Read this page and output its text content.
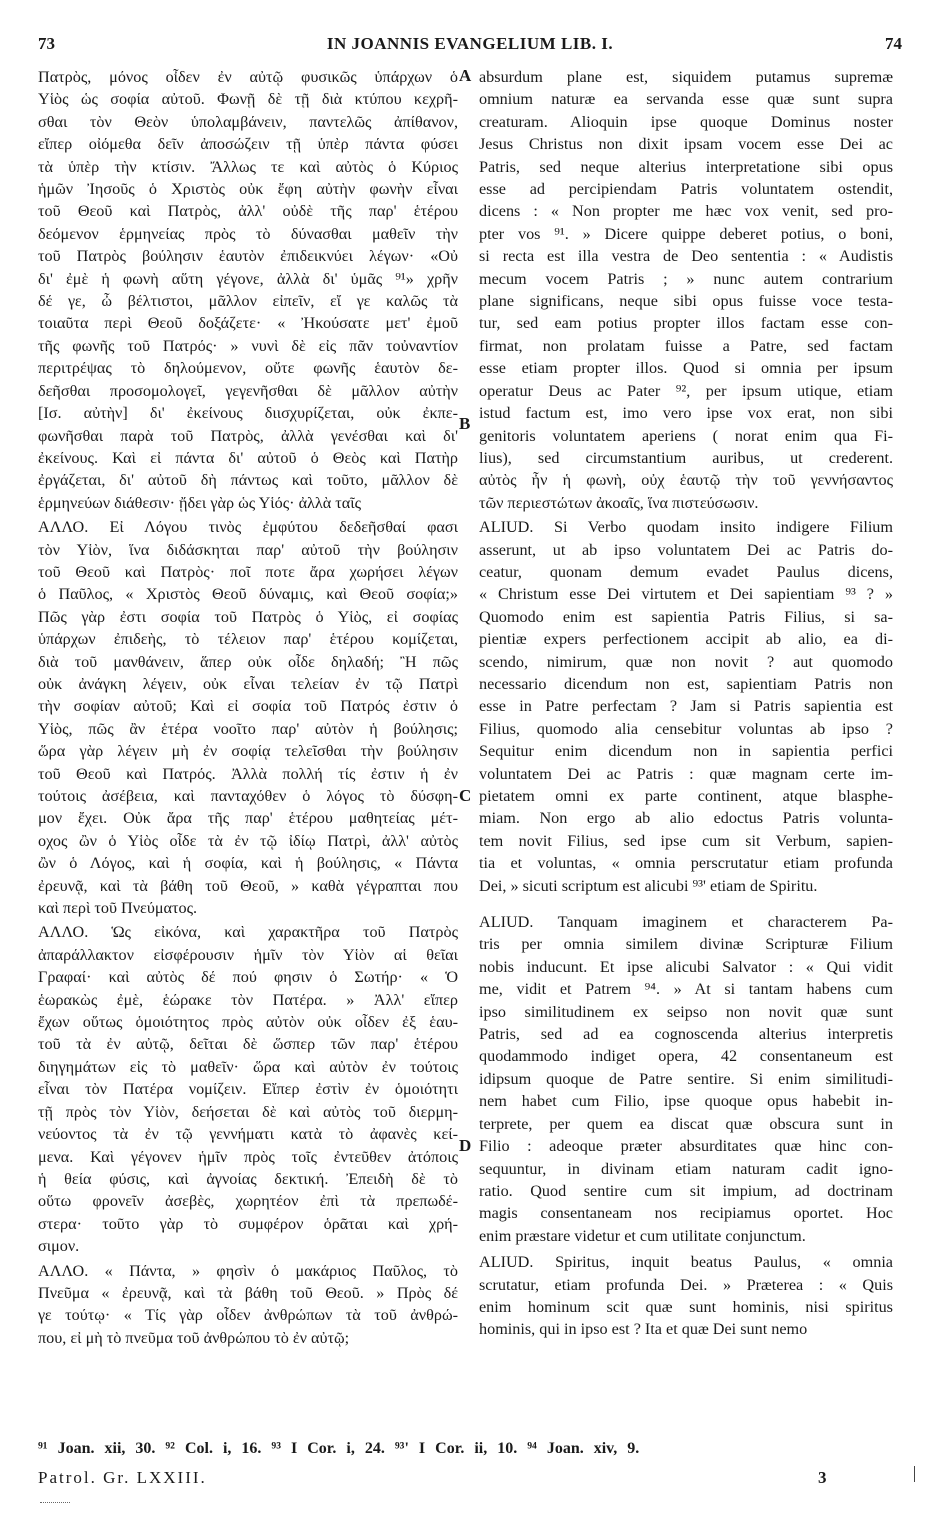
73	IN JOANNIS EVANGELIUM LIB. I.	74
Πατρὸς, μόνος οἶδεν ἐν αὐτῷ φυσικῶς ὑπάρχων ὁ
Υἱὸς ὡς σοφία αὐτοῦ. Φωνῇ δὲ τῇ διὰ κτύπου κεχρῆ-
σθαι τὸν Θεὸν ὑπολαμβάνειν, παντελῶς ἀπίθανον,
εἴπερ οἰόμεθα δεῖν ἀποσώζειν τῇ ὑπὲρ πάντα φύσει
τὰ ὑπὲρ τὴν κτίσιν. Ἄλλως τε καὶ αὐτὸς ὁ Κύριος
ἡμῶν Ἰησοῦς ὁ Χριστὸς οὐκ ἔφη αὐτὴν φωνὴν εἶναι
τοῦ Θεοῦ καὶ Πατρὸς, ἀλλ' οὐδὲ τῆς παρ' ἑτέρου
δεόμενον ἑρμηνείας πρὸς τὸ δύνασθαι μαθεῖν τὴν
τοῦ Πατρὸς βούλησιν ἑαυτὸν ἐπιδεικνύει λέγων· «Οὐ
δι' ἐμὲ ἡ φωνὴ αὕτη γέγονε, ἀλλὰ δι' ὑμᾶς ⁹¹» χρῆν
δέ γε, ὦ βέλτιστοι, μᾶλλον εἰπεῖν, εἴ γε καλῶς τὰ
τοιαῦτα περὶ Θεοῦ δοξάζετε· « Ἠκούσατε μετ' ἐμοῦ
τῆς φωνῆς τοῦ Πατρός· » νυνὶ δὲ εἰς πᾶν τοὐναντίον
περιτρέψας τὸ δηλούμενον, οὔτε φωνῆς ἑαυτὸν δε-
δεῆσθαι προσομολογεῖ, γεγενῆσθαι δὲ μᾶλλον αὐτὴν
[Ισ. αὐτὴν] δι' ἐκείνους διισχυρίζεται, οὐκ ἐκπε-
φωνῆσθαι παρὰ τοῦ Πατρὸς, ἀλλὰ γενέσθαι καὶ δι'
ἐκείνους. Καὶ εἰ πάντα δι' αὐτοῦ ὁ Θεὸς καὶ Πατὴρ
ἐργάζεται, δι' αὐτοῦ δὴ πάντως καὶ τοῦτο, μᾶλλον δὲ
ἑρμηνεύων διάθεσιν· ᾔδει γὰρ ὡς Υἱός· ἀλλὰ ταῖς
ΑΛΛΟ. Εἰ Λόγου τινὸς ἐμφύτου δεδεῆσθαί φασι
τὸν Υἱὸν, ἵνα διδάσκηται παρ' αὐτοῦ τὴν βούλησιν
τοῦ Θεοῦ καὶ Πατρὸς· ποῖ ποτε ἄρα χωρήσει λέγων
ὁ Παῦλος, « Χριστὸς Θεοῦ δύναμις, καὶ Θεοῦ σοφία;»
Πῶς γὰρ ἐστι σοφία τοῦ Πατρὸς ὁ Υἱὸς, εἰ σοφίας
ὑπάρχων ἐπιδεὴς, τὸ τέλειον παρ' ἑτέρου κομίζεται,
διὰ τοῦ μανθάνειν, ἅπερ οὐκ οἶδε δηλαδή; Ἢ πῶς
οὐκ ἀνάγκη λέγειν, οὐκ εἶναι τελείαν ἐν τῷ Πατρὶ
τὴν σοφίαν αὐτοῦ; Καὶ εἰ σοφία τοῦ Πατρός ἐστιν ὁ
Υἱὸς, πῶς ἂν ἑτέρα νοοῖτο παρ' αὐτὸν ἡ βούλησις;
ὥρα γὰρ λέγειν μὴ ἐν σοφίᾳ τελεῖσθαι τὴν βούλησιν
τοῦ Θεοῦ καὶ Πατρός. Ἀλλὰ πολλή τίς ἐστιν ἡ ἐν
τούτοις ἀσέβεια, καὶ πανταχόθεν ὁ λόγος τὸ δύσφη-
μον ἔχει. Οὐκ ἄρα τῆς παρ' ἑτέρου μαθητείας μέτ-
οχος ὢν ὁ Υἱὸς οἶδε τὰ ἐν τῷ ἰδίῳ Πατρὶ, ἀλλ' αὐτὸς
ὢν ὁ Λόγος, καὶ ἡ σοφία, καὶ ἡ βούλησις, « Πάντα
ἐρευνᾷ, καὶ τὰ βάθη τοῦ Θεοῦ, » καθὰ γέγραπται που
καὶ περὶ τοῦ Πνεύματος.
ΑΛΛΟ. Ὡς εἰκόνα, καὶ χαρακτῆρα τοῦ Πατρὸς
ἀπαράλλακτον εἰσφέρουσιν ἡμῖν τὸν Υἱὸν αἱ θεῖαι
Γραφαί· καὶ αὐτὸς δέ πού φησιν ὁ Σωτήρ· « Ὁ
ἑωρακὼς ἐμὲ, ἑώρακε τὸν Πατέρα. » Ἀλλ' εἴπερ
ἔχων οὕτως ὁμοιότητος πρὸς αὐτὸν οὐκ οἶδεν ἐξ ἑαυ-
τοῦ τὰ ἐν αὐτῷ, δεῖται δὲ ὥσπερ τῶν παρ' ἑτέρου
διηγημάτων εἰς τὸ μαθεῖν· ὥρα καὶ αὐτὸν ἐν τούτοις
εἶναι τὸν Πατέρα νομίζειν. Εἴπερ ἐστὶν ἐν ὁμοιότητι
τῇ πρὸς τὸν Υἱὸν, δεήσεται δὲ καὶ αὐτὸς τοῦ διερμη-
νεύοντος τὰ ἐν τῷ γεννήματι κατὰ τὸ ἀφανὲς κεί-
μενα. Καὶ γέγονεν ἡμῖν πρὸς τοῖς ἐντεῦθεν ἀτόποις
ἡ θεία φύσις, καὶ ἀγνοίας δεκτική. Ἐπειδὴ δὲ τὸ
οὕτω φρονεῖν ἀσεβὲς, χωρητέον ἐπὶ τὰ πρεπωδέ-
στερα· τοῦτο γὰρ τὸ συμφέρον ὁρᾶται καὶ χρή-
σιμον.
ΑΛΛΟ. « Πάντα, » φησὶν ὁ μακάριος Παῦλος, τὸ
Πνεῦμα « ἐρευνᾷ, καὶ τὰ βάθη τοῦ Θεοῦ. » Πρὸς δέ
γε τούτῳ· « Τίς γὰρ οἶδεν ἀνθρώπων τὰ τοῦ ἀνθρώ-
που, εἰ μὴ τὸ πνεῦμα τοῦ ἀνθρώπου τὸ ἐν αὐτῷ;
absurdum plane est, siquidem putamus supremæ
omnium naturæ ea servanda esse quæ sunt supra
creaturam. Alioquin ipse quoque Dominus noster
Jesus Christus non dixit ipsam vocem esse Dei ac
Patris, sed neque alterius interpretatione sibi opus
esse ad percipiendam Patris voluntatem ostendit,
dicens : « Non propter me hæc vox venit, sed pro-
pter vos ⁹¹. » Dicere quippe deberet potius, o boni,
si recta est illa vestra de Deo sententia : « Audistis
mecum vocem Patris ; » nunc autem contrarium
plane significans, neque sibi opus fuisse voce testa-
tur, sed eam potius propter illos factam esse con-
firmat, non prolatam fuisse a Patre, sed factam
esse etiam propter illos. Quod si omnia per ipsum
operatur Deus ac Pater ⁹², per ipsum utique, etiam
istud factum est, imo vero ipse vox erat, non sibi
genitoris voluntatem aperiens ( norat enim qua Fi-
lius), sed circumstantium auribus, ut crederent.
αὐτὸς ἦν ἡ φωνὴ, οὐχ ἑαυτῷ τὴν τοῦ γεννήσαντος
τῶν περιεστώτων ἀκοαῖς, ἵνα πιστεύσωσιν.
ALIUD. Si Verbo quodam insito indigere Filium
asserunt, ut ab ipso voluntatem Dei ac Patris do-
ceatur, quonam demum evadet Paulus dicens,
« Christum esse Dei virtutem et Dei sapientiam ⁹³ ? »
Quomodo enim est sapientia Patris Filius, si sa-
pientiæ expers perfectionem accipit ab alio, ea di-
scendo, nimirum, quæ non novit ? aut quomodo
necessario dicendum non est, sapientiam Patris non
esse in Patre perfectam ? Jam si Patris sapientia est
Filius, quomodo alia censebitur voluntas ab ipso ?
Sequitur enim dicendum non in sapientia perfici
voluntatem Dei ac Patris : quæ magnam certe im-
pietatem omni ex parte continent, atque blasphe-
miam. Non ergo ab alio edoctus Patris volunta-
tem novit Filius, sed ipse cum sit Verbum, sapien-
tia et voluntas, « omnia perscrutatur etiam profunda
Dei, » sicuti scriptum est alicubi ⁹³' etiam de Spiritu.
ALIUD. Tanquam imaginem et characterem Pa-
tris per omnia similem divinæ Scripturæ Filium
nobis inducunt. Et ipse alicubi Salvator : « Qui vidit
me, vidit et Patrem ⁹⁴. » At si tantam habens cum
ipso similitudinem ex seipso non novit quæ sunt
Patris, sed ad ea cognoscenda alterius interpretis
quodammodo indiget opera, 42 consentaneum est
idipsum quoque de Patre sentire. Si enim similitudi-
nem habet cum Filio, ipse quoque opus habebit in-
terprete, per quem ea discat quæ obscura sunt in
Filio : adeoque præter absurditates quæ hinc con-
sequuntur, in divinam etiam naturam cadit igno-
ratio. Quod sentire cum sit impium, ad doctrinam
magis consentaneam nos recipiamus oportet. Hoc
enim præstare videtur et cum utilitate conjunctum.
ALIUD. Spiritus, inquit beatus Paulus, « omnia
scrutatur, etiam profunda Dei. » Præterea : « Quis
enim hominum scit quæ sunt hominis, nisi spiritus
hominis, qui in ipso est ? Ita et quæ Dei sunt nemo
A
B
C
D
⁹¹ Joan. xii, 30. ⁹² Col. i, 16. ⁹³ I Cor. i, 24. ⁹³' I Cor. ii, 10. ⁹⁴ Joan. xiv, 9.
Patrol. Gr. LXXIII.	3
